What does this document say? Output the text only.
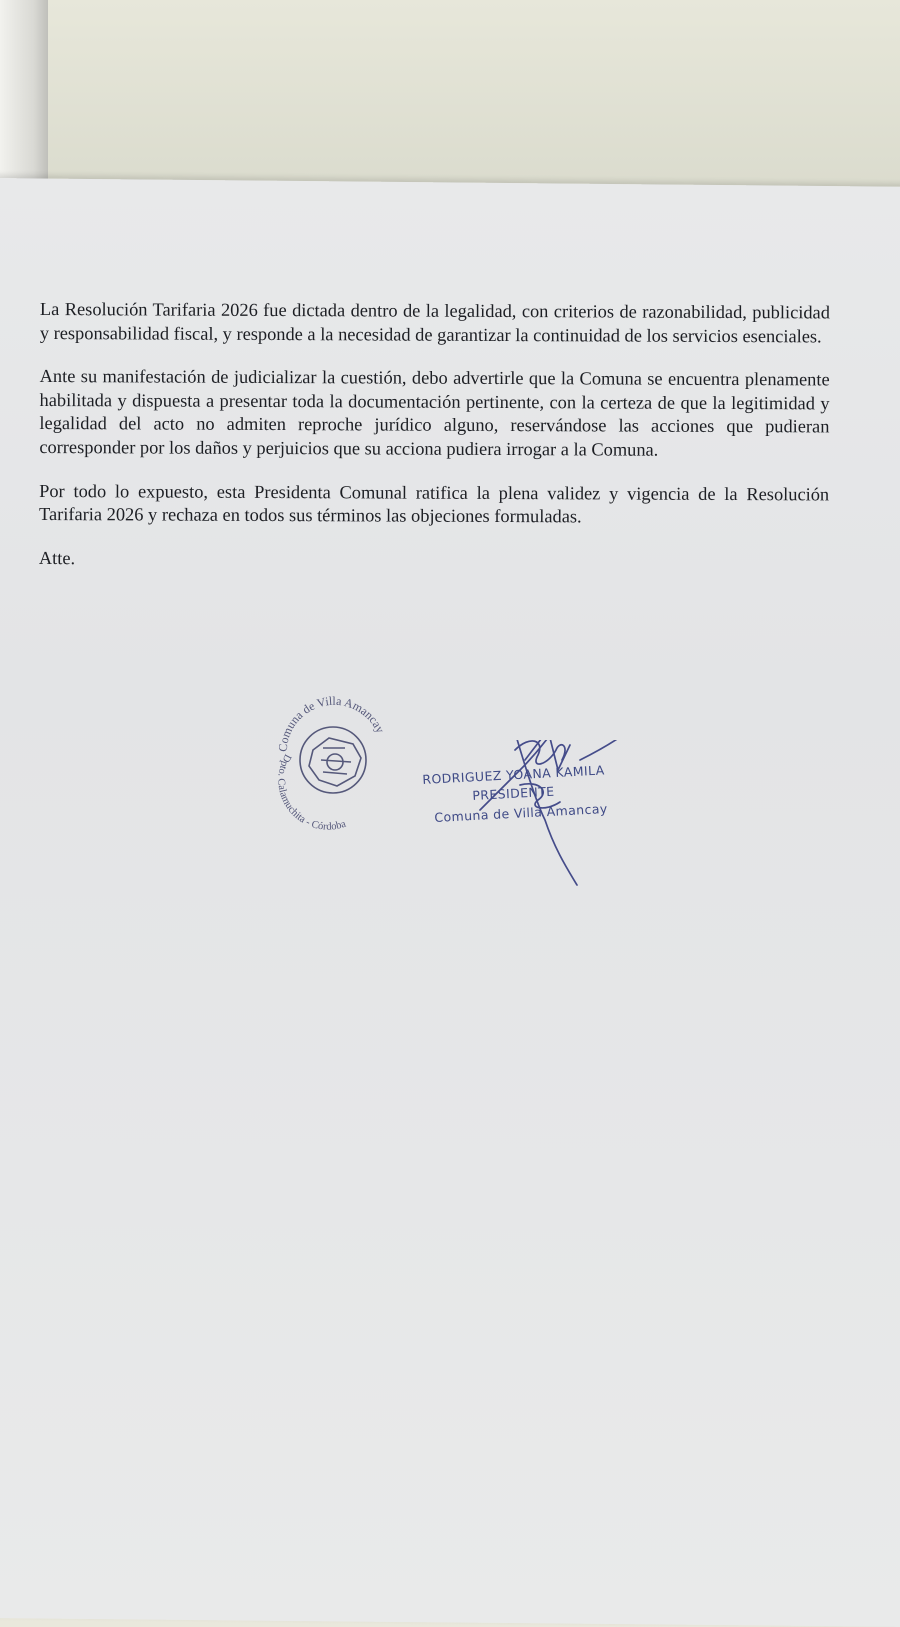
La Resolución Tarifaria 2026 fue dictada dentro de la legalidad, con criterios de razonabilidad, publicidad y responsabilidad fiscal, y responde a la necesidad de garantizar la continuidad de los servicios esenciales.

Ante su manifestación de judicializar la cuestión, debo advertirle que la Comuna se encuentra plenamente habilitada y dispuesta a presentar toda la documentación pertinente, con la certeza de que la legitimidad y legalidad del acto no admiten reproche jurídico alguno, reservándose las acciones que pudieran corresponder por los daños y perjuicios que su acciona pudiera irrogar a la Comuna.

Por todo lo expuesto, esta Presidenta Comunal ratifica la plena validez y vigencia de la Resolución Tarifaria 2026 y rechaza en todos sus términos las objeciones formuladas.

Atte.

Comuna de Villa Amancay
Dpto. Calamuchita - Córdoba
RODRIGUEZ YOANA KAMILA
PRESIDENTE
Comuna de Villa Amancay
